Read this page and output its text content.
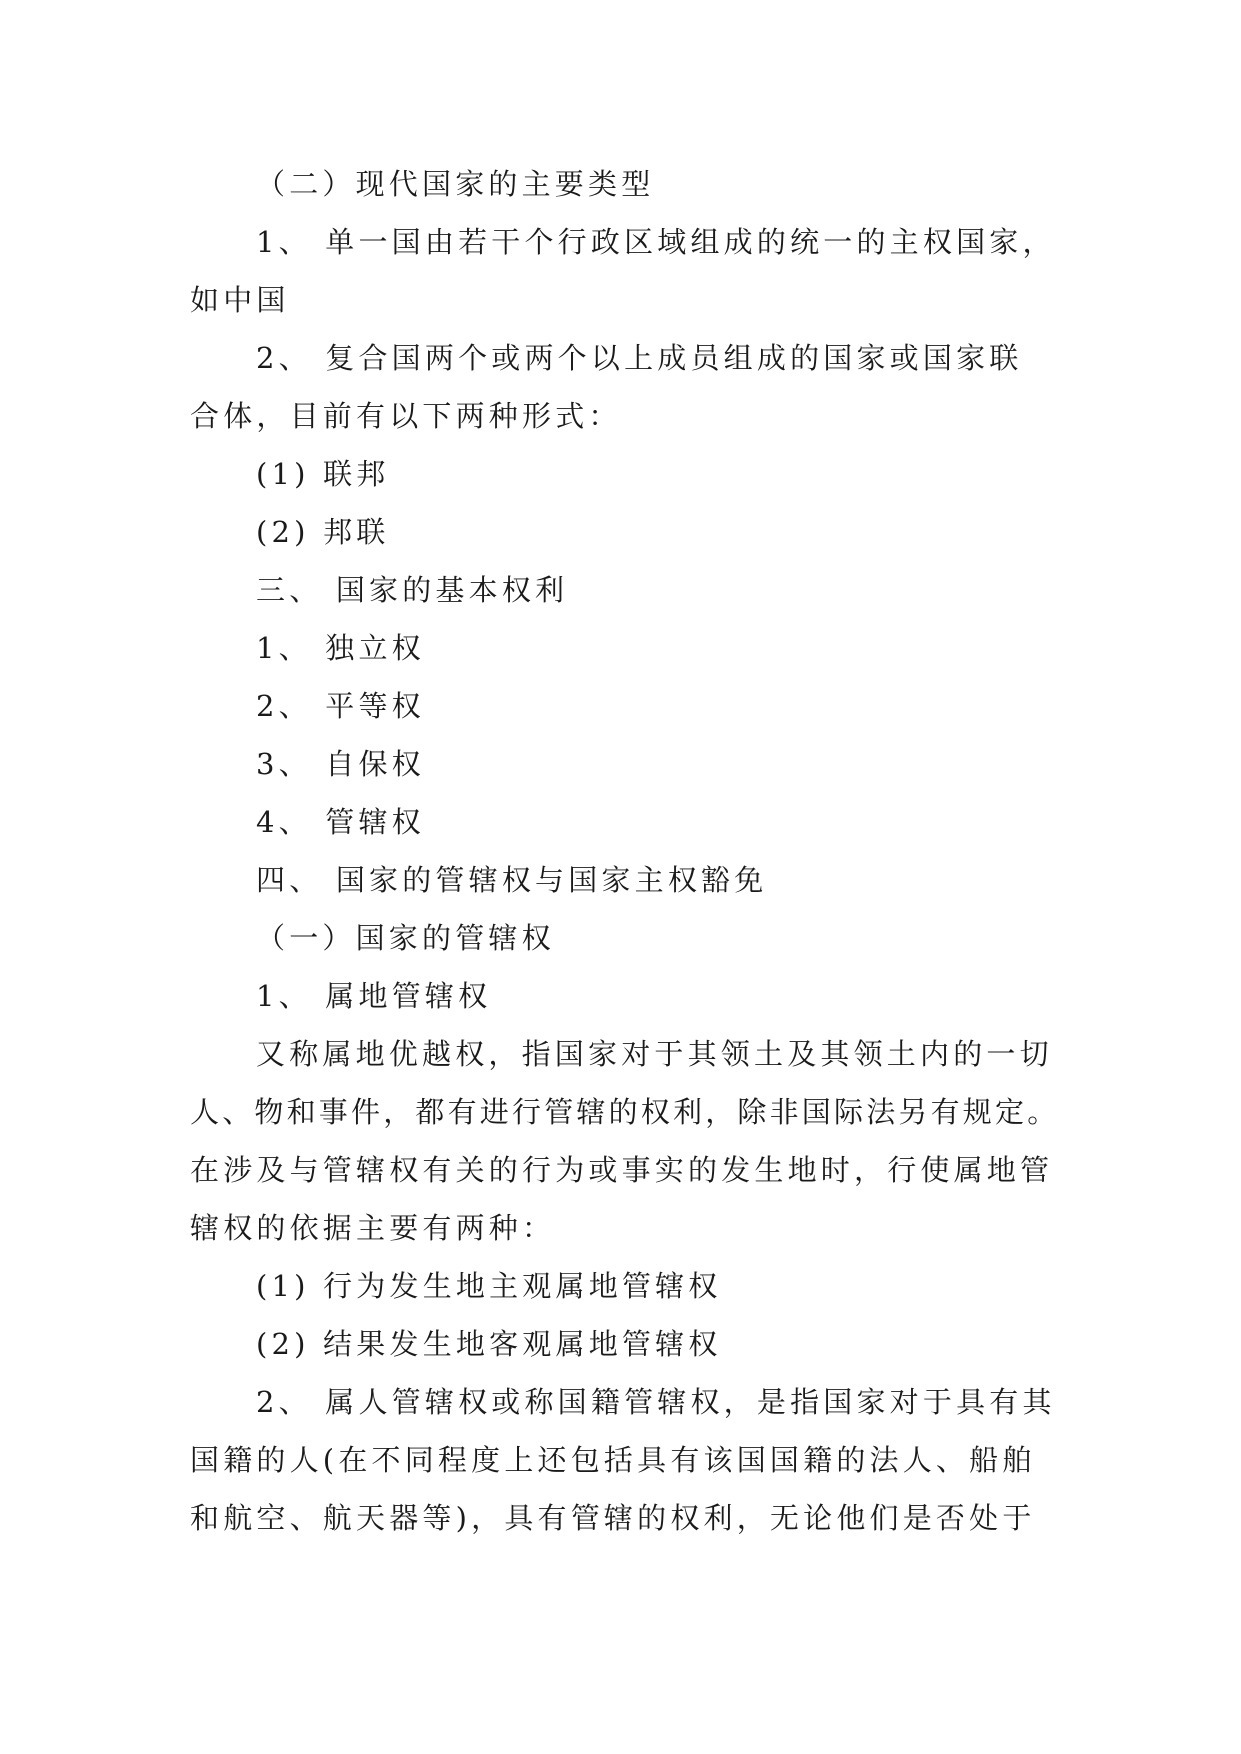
（二）现代国家的主要类型
1、 单一国由若干个行政区域组成的统一的主权国家，
如中国
2、 复合国两个或两个以上成员组成的国家或国家联
合体，目前有以下两种形式：
(1) 联邦
(2) 邦联
三、 国家的基本权利
1、 独立权
2、 平等权
3、 自保权
4、 管辖权
四、 国家的管辖权与国家主权豁免
（一）国家的管辖权
1、 属地管辖权
又称属地优越权，指国家对于其领土及其领土内的一切
人、物和事件，都有进行管辖的权利，除非国际法另有规定。
在涉及与管辖权有关的行为或事实的发生地时，行使属地管
辖权的依据主要有两种：
(1) 行为发生地主观属地管辖权
(2) 结果发生地客观属地管辖权
2、 属人管辖权或称国籍管辖权，是指国家对于具有其
国籍的人(在不同程度上还包括具有该国国籍的法人、船舶
和航空、航天器等)，具有管辖的权利，无论他们是否处于
